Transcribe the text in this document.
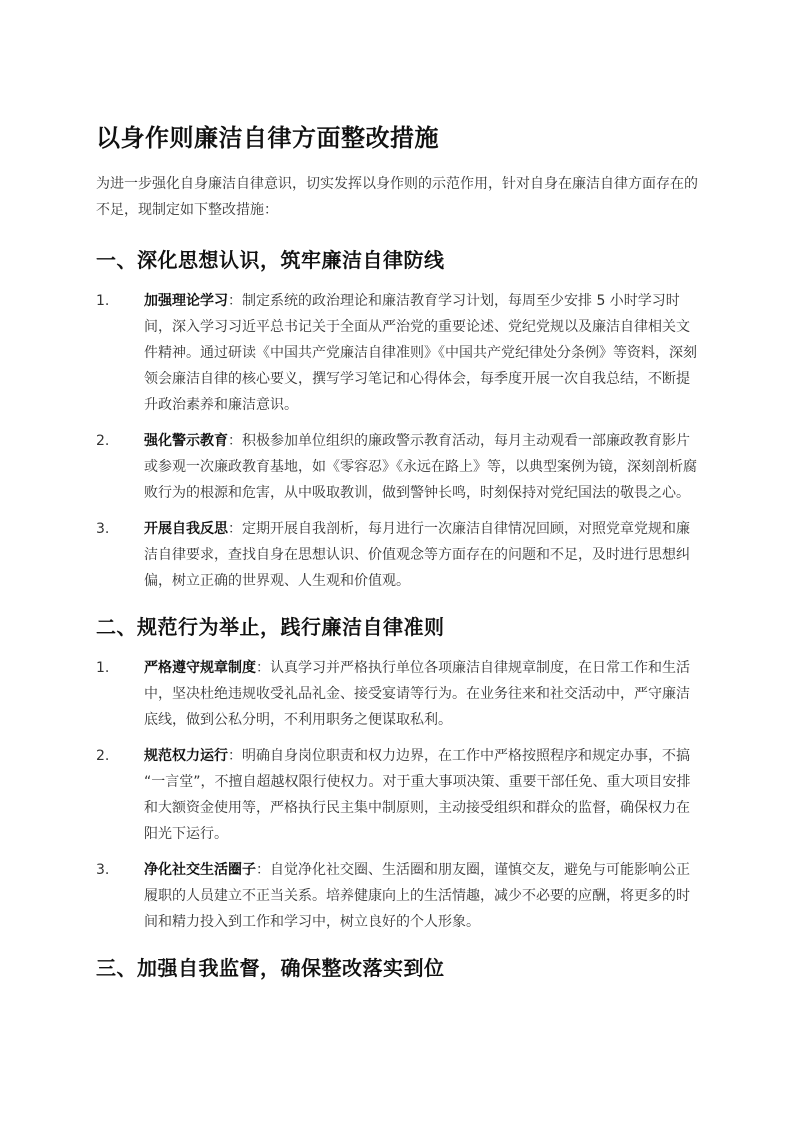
以身作则廉洁自律方面整改措施

为进一步强化自身廉洁自律意识，切实发挥以身作则的示范作用，针对自身在廉洁自律方面存在的不足，现制定如下整改措施：

一、深化思想认识，筑牢廉洁自律防线
1.	加强理论学习：制定系统的政治理论和廉洁教育学习计划，每周至少安排 5 小时学习时间，深入学习习近平总书记关于全面从严治党的重要论述、党纪党规以及廉洁自律相关文件精神。通过研读《中国共产党廉洁自律准则》《中国共产党纪律处分条例》等资料，深刻领会廉洁自律的核心要义，撰写学习笔记和心得体会，每季度开展一次自我总结，不断提升政治素养和廉洁意识。
2.	强化警示教育：积极参加单位组织的廉政警示教育活动，每月主动观看一部廉政教育影片或参观一次廉政教育基地，如《零容忍》《永远在路上》等，以典型案例为镜，深刻剖析腐败行为的根源和危害，从中吸取教训，做到警钟长鸣，时刻保持对党纪国法的敬畏之心。
3.	开展自我反思：定期开展自我剖析，每月进行一次廉洁自律情况回顾，对照党章党规和廉洁自律要求，查找自身在思想认识、价值观念等方面存在的问题和不足，及时进行思想纠偏，树立正确的世界观、人生观和价值观。
二、规范行为举止，践行廉洁自律准则
1.	严格遵守规章制度：认真学习并严格执行单位各项廉洁自律规章制度，在日常工作和生活中，坚决杜绝违规收受礼品礼金、接受宴请等行为。在业务往来和社交活动中，严守廉洁底线，做到公私分明，不利用职务之便谋取私利。
2.	规范权力运行：明确自身岗位职责和权力边界，在工作中严格按照程序和规定办事，不搞 “一言堂”，不擅自超越权限行使权力。对于重大事项决策、重要干部任免、重大项目安排和大额资金使用等，严格执行民主集中制原则，主动接受组织和群众的监督，确保权力在阳光下运行。
3.	净化社交生活圈子：自觉净化社交圈、生活圈和朋友圈，谨慎交友，避免与可能影响公正履职的人员建立不正当关系。培养健康向上的生活情趣，减少不必要的应酬，将更多的时间和精力投入到工作和学习中，树立良好的个人形象。
三、加强自我监督，确保整改落实到位
